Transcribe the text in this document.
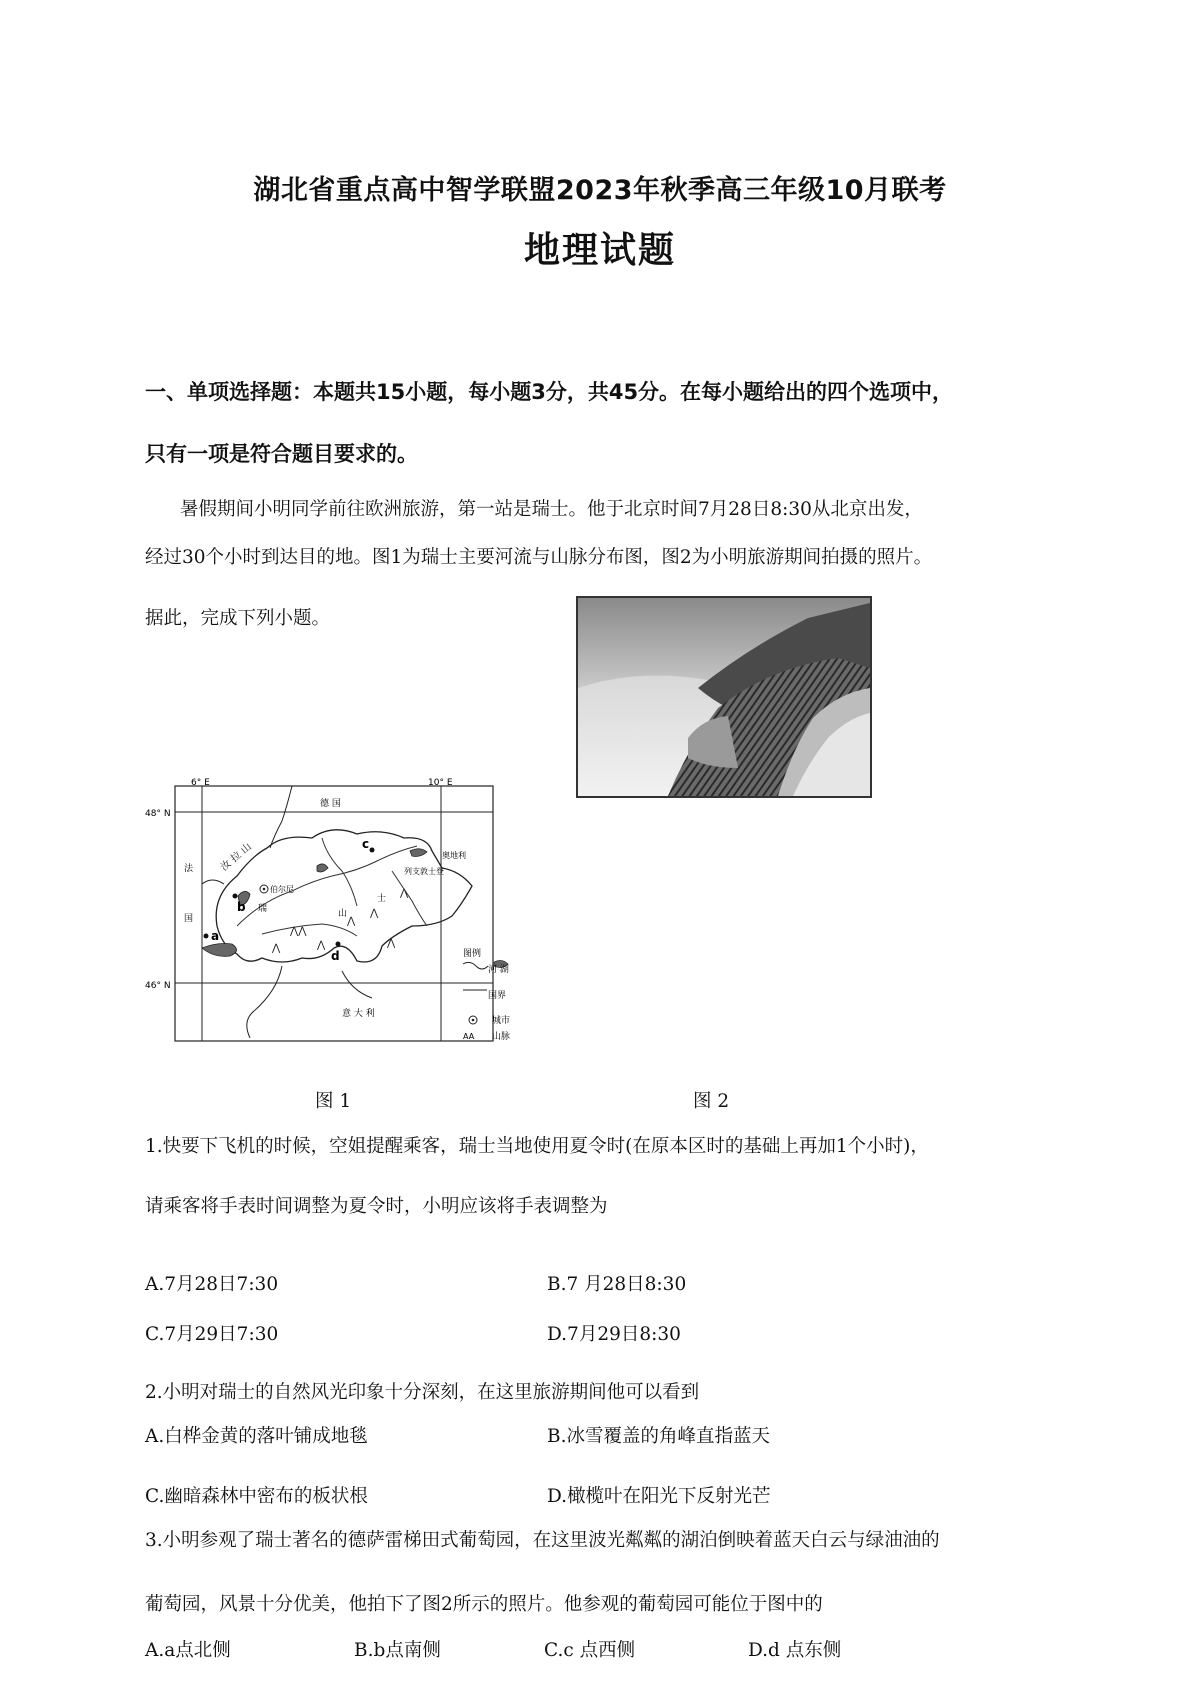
湖北省重点高中智学联盟2023年秋季高三年级10月联考
地理试题
一、单项选择题：本题共15小题，每小题3分，共45分。在每小题给出的四个选项中，
只有一项是符合题目要求的。
暑假期间小明同学前往欧洲旅游，第一站是瑞士。他于北京时间7月28日8:30从北京出发，
经过30个小时到达目的地。图1为瑞士主要河流与山脉分布图，图2为小明旅游期间拍摄的照片。
据此，完成下列小题。
6° E	10° E
48° N
46° N
汝 拉 山
⋀⋀
⋀
⋀
⋀
⋀	⋀	⋀
德 国
法
国
意 大 利
奥地利
列支敦士登
伯尔尼
瑞
士
山
a
b
c
d	图例
河 湖
国界
城市
AA 山脉
图 1	图 2
1.快要下飞机的时候，空姐提醒乘客，瑞士当地使用夏令时(在原本区时的基础上再加1个小时)，
请乘客将手表时间调整为夏令时，小明应该将手表调整为
A.7月28日7:30	B.7 月28日8:30
C.7月29日7:30	D.7月29日8:30
2.小明对瑞士的自然风光印象十分深刻，在这里旅游期间他可以看到
A.白桦金黄的落叶铺成地毯	B.冰雪覆盖的角峰直指蓝天
C.幽暗森林中密布的板状根	D.橄榄叶在阳光下反射光芒
3.小明参观了瑞士著名的德萨雷梯田式葡萄园，在这里波光粼粼的湖泊倒映着蓝天白云与绿油油的
葡萄园，风景十分优美，他拍下了图2所示的照片。他参观的葡萄园可能位于图中的
A.a点北侧	B.b点南侧	C.c 点西侧	D.d 点东侧
